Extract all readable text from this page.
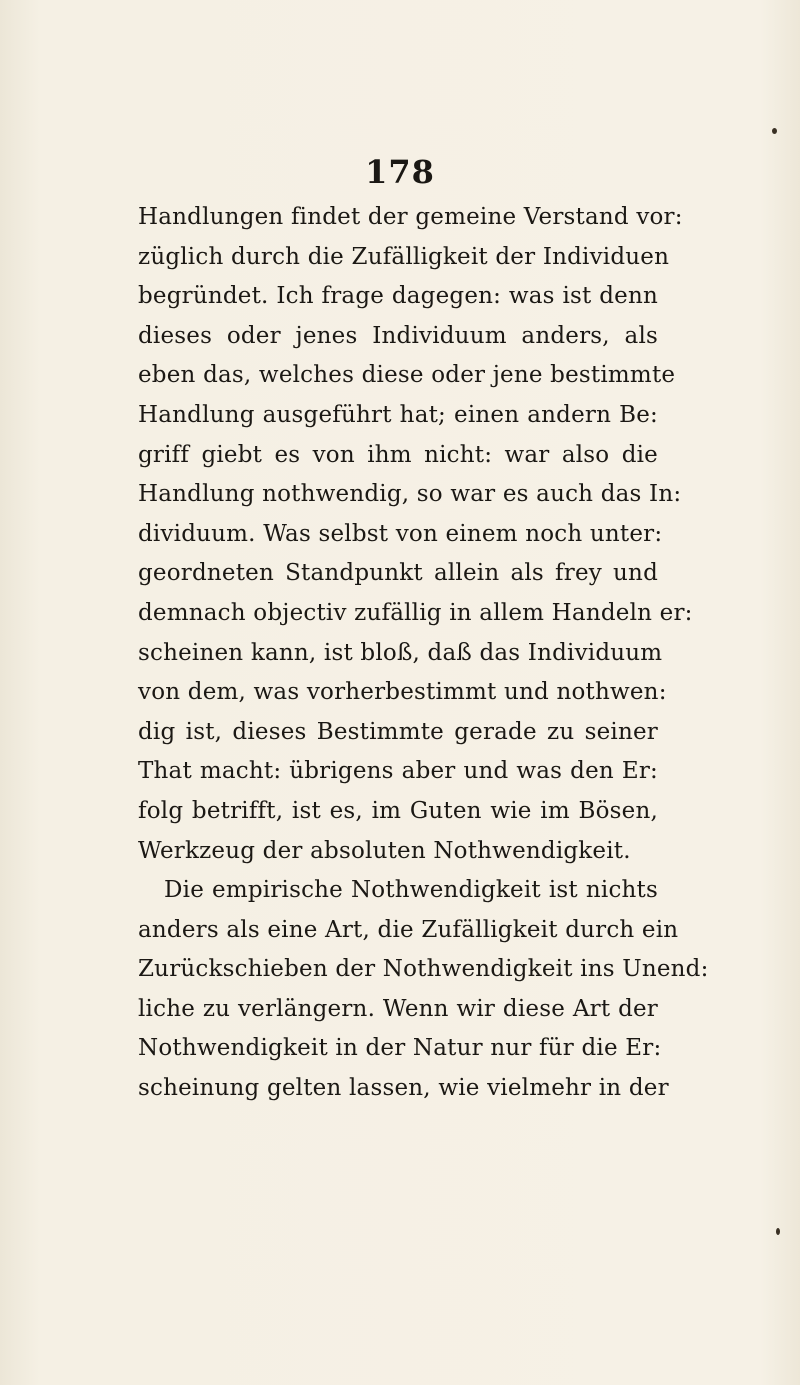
178
Handlungen findet der gemeine Verstand vor:
züglich durch die Zufälligkeit der Individuen
begründet. Ich frage dagegen: was ist denn
dieses oder jenes Individuum anders, als
eben das, welches diese oder jene bestimmte
Handlung ausgeführt hat; einen andern Be:
griff giebt es von ihm nicht: war also die
Handlung nothwendig, so war es auch das In:
dividuum. Was selbst von einem noch unter:
geordneten Standpunkt allein als frey und
demnach objectiv zufällig in allem Handeln er:
scheinen kann, ist bloß, daß das Individuum
von dem, was vorherbestimmt und nothwen:
dig ist, dieses Bestimmte gerade zu seiner
That macht: übrigens aber und was den Er:
folg betrifft, ist es, im Guten wie im Bösen,
Werkzeug der absoluten Nothwendigkeit.
Die empirische Nothwendigkeit ist nichts
anders als eine Art, die Zufälligkeit durch ein
Zurückschieben der Nothwendigkeit ins Unend:
liche zu verlängern. Wenn wir diese Art der
Nothwendigkeit in der Natur nur für die Er:
scheinung gelten lassen, wie vielmehr in der
